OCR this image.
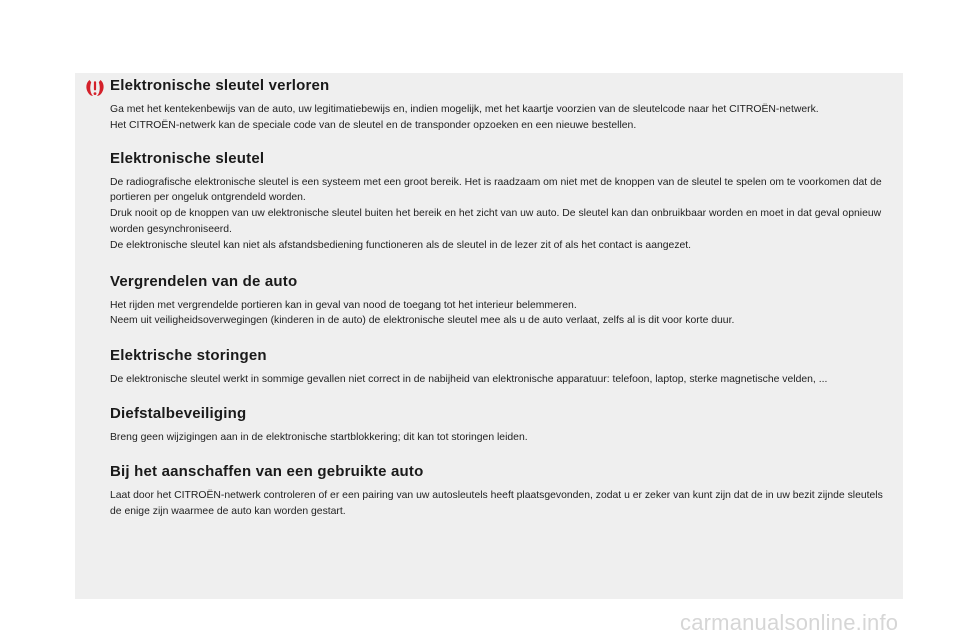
Elektronische sleutel verloren

Ga met het kentekenbewijs van de auto, uw legitimatiebewijs en, indien mogelijk, met het kaartje voorzien van de sleutelcode naar het CITROËN-netwerk.

Het CITROËN-netwerk kan de speciale code van de sleutel en de transponder opzoeken en een nieuwe bestellen.

Elektronische sleutel

De radiografische elektronische sleutel is een systeem met een groot bereik. Het is raadzaam om niet met de knoppen van de sleutel te spelen om te voorkomen dat de portieren per ongeluk ontgrendeld worden.

Druk nooit op de knoppen van uw elektronische sleutel buiten het bereik en het zicht van uw auto. De sleutel kan dan onbruikbaar worden en moet in dat geval opnieuw worden gesynchroniseerd.

De elektronische sleutel kan niet als afstandsbediening functioneren als de sleutel in de lezer zit of als het contact is aangezet.

Vergrendelen van de auto

Het rijden met vergrendelde portieren kan in geval van nood de toegang tot het interieur belemmeren.

Neem uit veiligheidsoverwegingen (kinderen in de auto) de elektronische sleutel mee als u de auto verlaat, zelfs al is dit voor korte duur.

Elektrische storingen

De elektronische sleutel werkt in sommige gevallen niet correct in de nabijheid van elektronische apparatuur: telefoon, laptop, sterke magnetische velden, ...

Diefstalbeveiliging

Breng geen wijzigingen aan in de elektronische startblokkering; dit kan tot storingen leiden.

Bij het aanschaffen van een gebruikte auto

Laat door het CITROËN-netwerk controleren of er een pairing van uw autosleutels heeft plaatsgevonden, zodat u er zeker van kunt zijn dat de in uw bezit zijnde sleutels de enige zijn waarmee de auto kan worden gestart.

carmanualsonline.info
